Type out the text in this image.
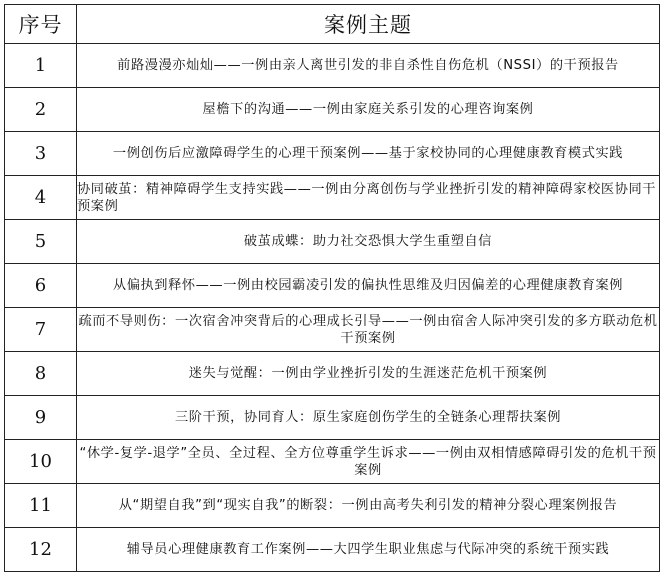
序号	案例主题
1	前路漫漫亦灿灿——一例由亲人离世引发的非自杀性自伤危机（NSSI）的干预报告
2	屋檐下的沟通——一例由家庭关系引发的心理咨询案例
3	一例创伤后应激障碍学生的心理干预案例——基于家校协同的心理健康教育模式实践
4	协同破茧：精神障碍学生支持实践——一例由分离创伤与学业挫折引发的精神障碍家校医协同干预案例
5	破茧成蝶：助力社交恐惧大学生重塑自信
6	从偏执到释怀——一例由校园霸凌引发的偏执性思维及归因偏差的心理健康教育案例
7	疏而不导则伤：一次宿舍冲突背后的心理成长引导——一例由宿舍人际冲突引发的多方联动危机干预案例
8	迷失与觉醒：一例由学业挫折引发的生涯迷茫危机干预案例
9	三阶干预，协同育人：原生家庭创伤学生的全链条心理帮扶案例
10	“休学-复学-退学”全员、全过程、全方位尊重学生诉求——一例由双相情感障碍引发的危机干预案例
11	从“期望自我”到“现实自我”的断裂：一例由高考失利引发的精神分裂心理案例报告
12	辅导员心理健康教育工作案例——大四学生职业焦虑与代际冲突的系统干预实践
